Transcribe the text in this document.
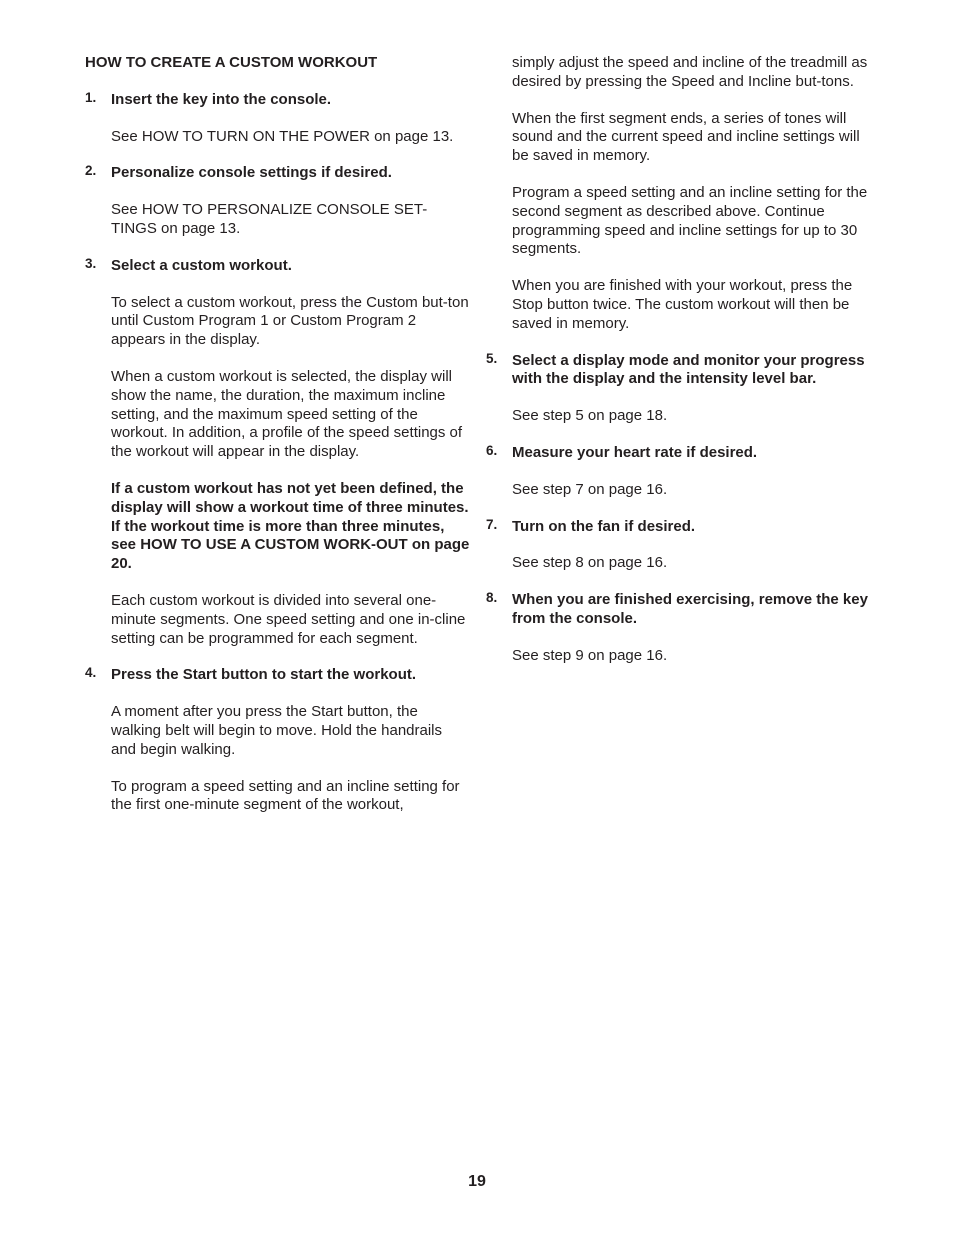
HOW TO CREATE A CUSTOM WORKOUT
1. Insert the key into the console.

See HOW TO TURN ON THE POWER on page 13.

2. Personalize console settings if desired.

See HOW TO PERSONALIZE CONSOLE SET-TINGS on page 13.

3. Select a custom workout.

To select a custom workout, press the Custom but-ton until Custom Program 1 or Custom Program 2 appears in the display.

When a custom workout is selected, the display will show the name, the duration, the maximum incline setting, and the maximum speed setting of the workout. In addition, a profile of the speed settings of the workout will appear in the display.

If a custom workout has not yet been defined, the display will show a workout time of three minutes. If the workout time is more than three minutes, see HOW TO USE A CUSTOM WORK-OUT on page 20.

Each custom workout is divided into several one-minute segments. One speed setting and one in-cline setting can be programmed for each segment.

4. Press the Start button to start the workout.

A moment after you press the Start button, the walking belt will begin to move. Hold the handrails and begin walking.

To program a speed setting and an incline setting for the first one-minute segment of the workout,

simply adjust the speed and incline of the treadmill as desired by pressing the Speed and Incline but-tons.

When the first segment ends, a series of tones will sound and the current speed and incline settings will be saved in memory.

Program a speed setting and an incline setting for the second segment as described above. Continue programming speed and incline settings for up to 30 segments.

When you are finished with your workout, press the Stop button twice. The custom workout will then be saved in memory.

5. Select a display mode and monitor your progress with the display and the intensity level bar.

See step 5 on page 18.

6. Measure your heart rate if desired.

See step 7 on page 16.

7. Turn on the fan if desired.

See step 8 on page 16.

8. When you are finished exercising, remove the key from the console.

See step 9 on page 16.

19
